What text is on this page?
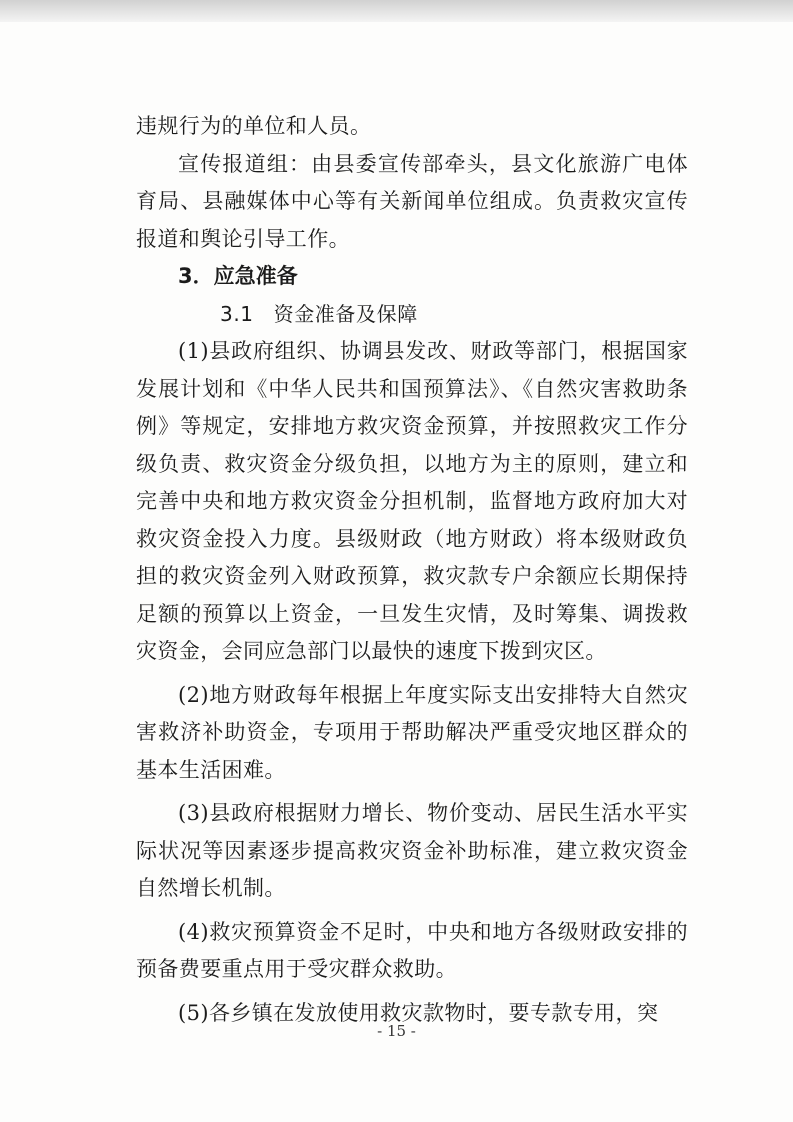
违规行为的单位和人员。

宣传报道组：由县委宣传部牵头，县文化旅游广电体育局、县融媒体中心等有关新闻单位组成。负责救灾宣传报道和舆论引导工作。

3．应急准备

3.1 资金准备及保障

(1)县政府组织、协调县发改、财政等部门，根据国家发展计划和《中华人民共和国预算法》、《自然灾害救助条例》等规定，安排地方救灾资金预算，并按照救灾工作分级负责、救灾资金分级负担，以地方为主的原则，建立和完善中央和地方救灾资金分担机制，监督地方政府加大对救灾资金投入力度。县级财政（地方财政）将本级财政负担的救灾资金列入财政预算，救灾款专户余额应长期保持足额的预算以上资金，一旦发生灾情，及时筹集、调拨救灾资金，会同应急部门以最快的速度下拨到灾区。

(2)地方财政每年根据上年度实际支出安排特大自然灾害救济补助资金，专项用于帮助解决严重受灾地区群众的基本生活困难。

(3)县政府根据财力增长、物价变动、居民生活水平实际状况等因素逐步提高救灾资金补助标准，建立救灾资金自然增长机制。

(4)救灾预算资金不足时，中央和地方各级财政安排的预备费要重点用于受灾群众救助。

(5)各乡镇在发放使用救灾款物时，要专款专用，突

- 15 -
